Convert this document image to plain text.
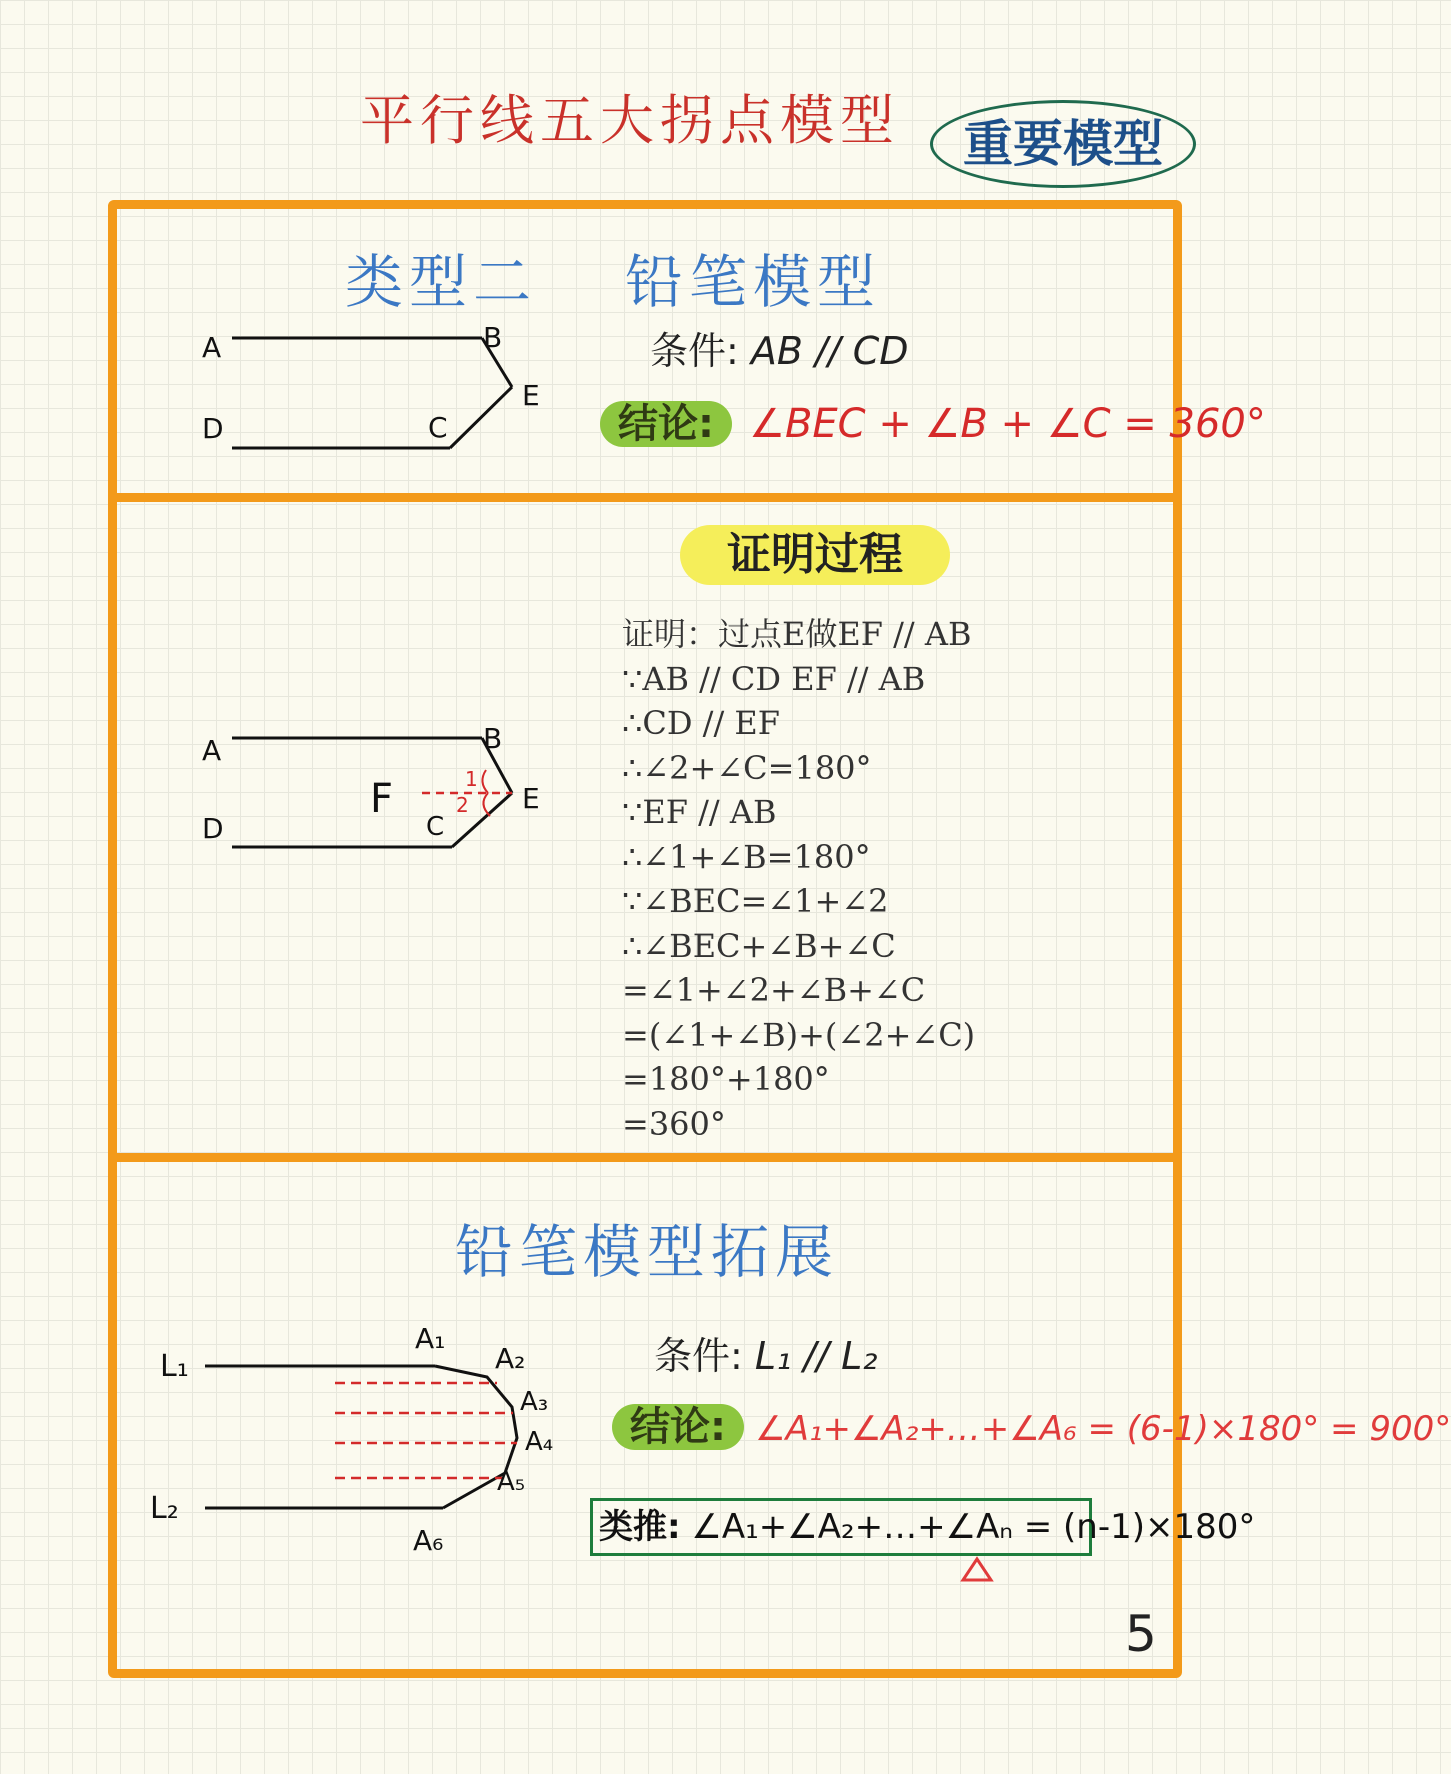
平行线五大拐点模型	重要模型
类型二 铅笔模型
A	B
E
C
D
条件: AB // CD
结论: ∠BEC + ∠B + ∠C = 360°
证明过程
1
2
A	B
E
C
D
F
证明：过点E做EF // AB
∵AB // CD EF // AB
∴CD // EF
∴∠2+∠C=180°
∵EF // AB
∴∠1+∠B=180°
∵∠BEC=∠1+∠2
∴∠BEC+∠B+∠C
=∠1+∠2+∠B+∠C
=(∠1+∠B)+(∠2+∠C)
=180°+180°
=360°
铅笔模型拓展
L₁
L₂
A₁
A₂
A₃
A₄
A₅
A₆
条件: L₁ // L₂
结论: ∠A₁+∠A₂+…+∠A₆ = (6-1)×180° = 900°
类推: ∠A₁+∠A₂+…+∠Aₙ = (n-1)×180°
5
